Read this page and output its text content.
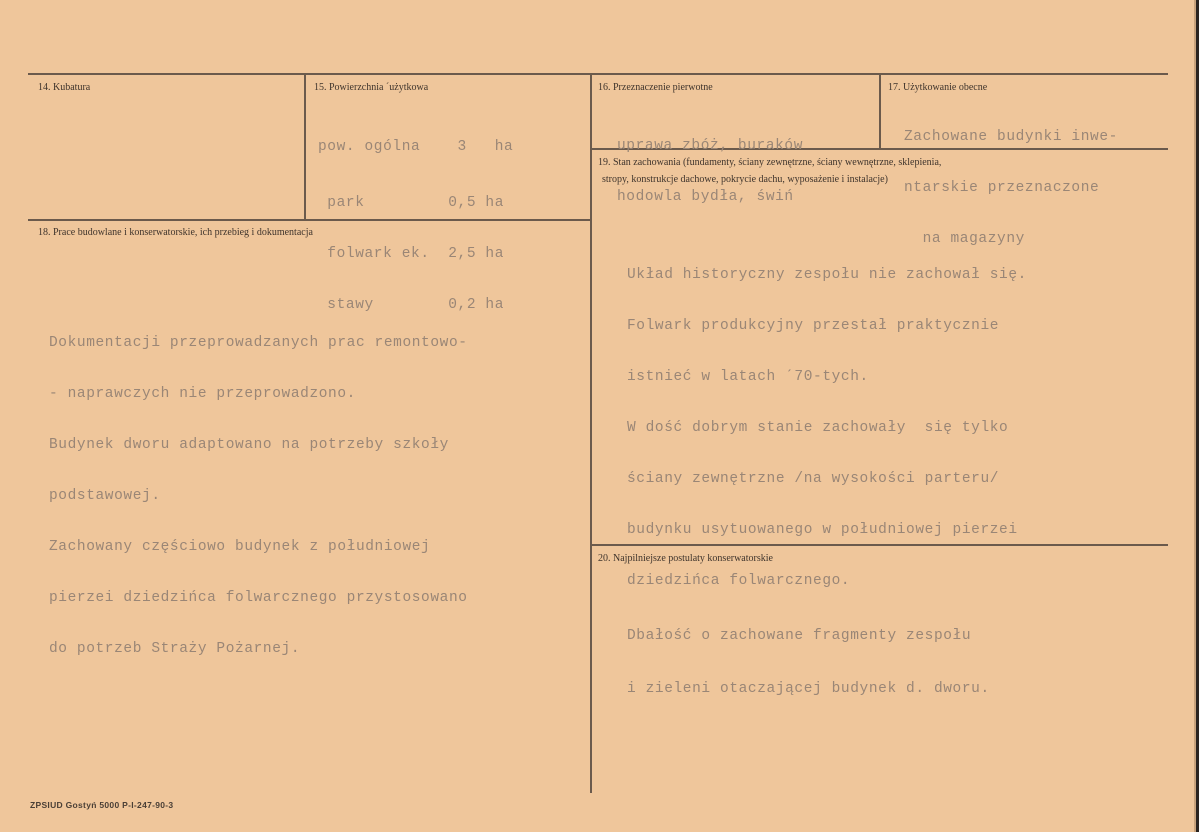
14. Kubatura	15. Powierzchnia ˊużytkowa

pow. ogólna    3   ha

park         0,5 ha

folwark ek.  2,5 ha

stawy        0,2 ha

16. Przeznaczenie pierwotne

uprawa zbóż, buraków

hodowla bydła, świń

17. Użytkowanie obecne

Zachowane budynki inwe-

ntarskie przeznaczone

na magazyny

18. Prace budowlane i konserwatorskie, ich przebieg i dokumentacja

Dokumentacji przeprowadzanych prac remontowo-

- naprawczych nie przeprowadzono.

Budynek dworu adaptowano na potrzeby szkoły

podstawowej.

Zachowany częściowo budynek z południowej

pierzei dziedzińca folwarcznego przystosowano

do potrzeb Straży Pożarnej.

19. Stan zachowania (fundamenty, ściany zewnętrzne, ściany wewnętrzne, sklepienia,
stropy, konstrukcje dachowe, pokrycie dachu, wyposażenie i instalacje)

Układ historyczny zespołu nie zachował się.

Folwark produkcyjny przestał praktycznie

istnieć w latach ˊ70-tych.

W dość dobrym stanie zachowały  się tylko

ściany zewnętrzne /na wysokości parteru/

budynku usytuowanego w południowej pierzei

dziedzińca folwarcznego.

20. Najpilniejsze postulaty konserwatorskie

Dbałość o zachowane fragmenty zespołu

i zieleni otaczającej budynek d. dworu.

ZPSIUD Gostyń 5000 P-I-247-90-3
